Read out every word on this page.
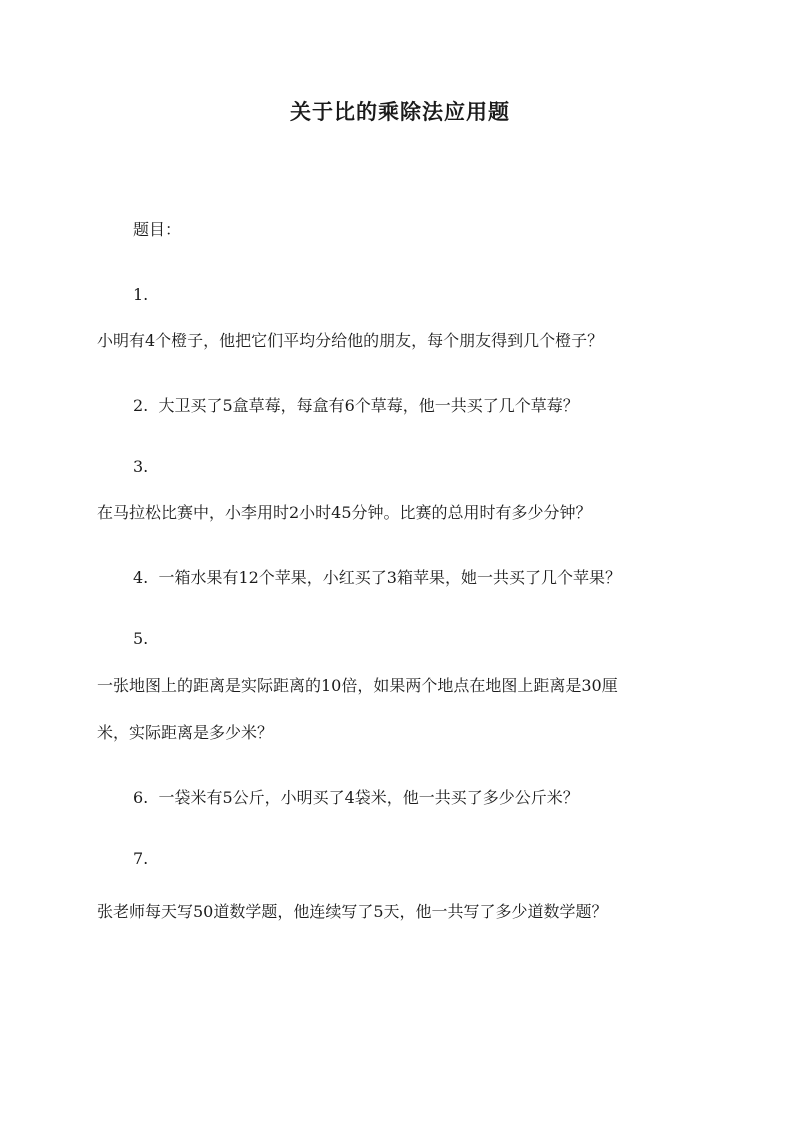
关于比的乘除法应用题
题目：
1.
小明有4个橙子，他把它们平均分给他的朋友，每个朋友得到几个橙子？
2. 大卫买了5盒草莓，每盒有6个草莓，他一共买了几个草莓？
3.
在马拉松比赛中，小李用时2小时45分钟。比赛的总用时有多少分钟？
4. 一箱水果有12个苹果，小红买了3箱苹果，她一共买了几个苹果？
5.
一张地图上的距离是实际距离的10倍，如果两个地点在地图上距离是30厘
米，实际距离是多少米？
6. 一袋米有5公斤，小明买了4袋米，他一共买了多少公斤米？
7.
张老师每天写50道数学题，他连续写了5天，他一共写了多少道数学题？
